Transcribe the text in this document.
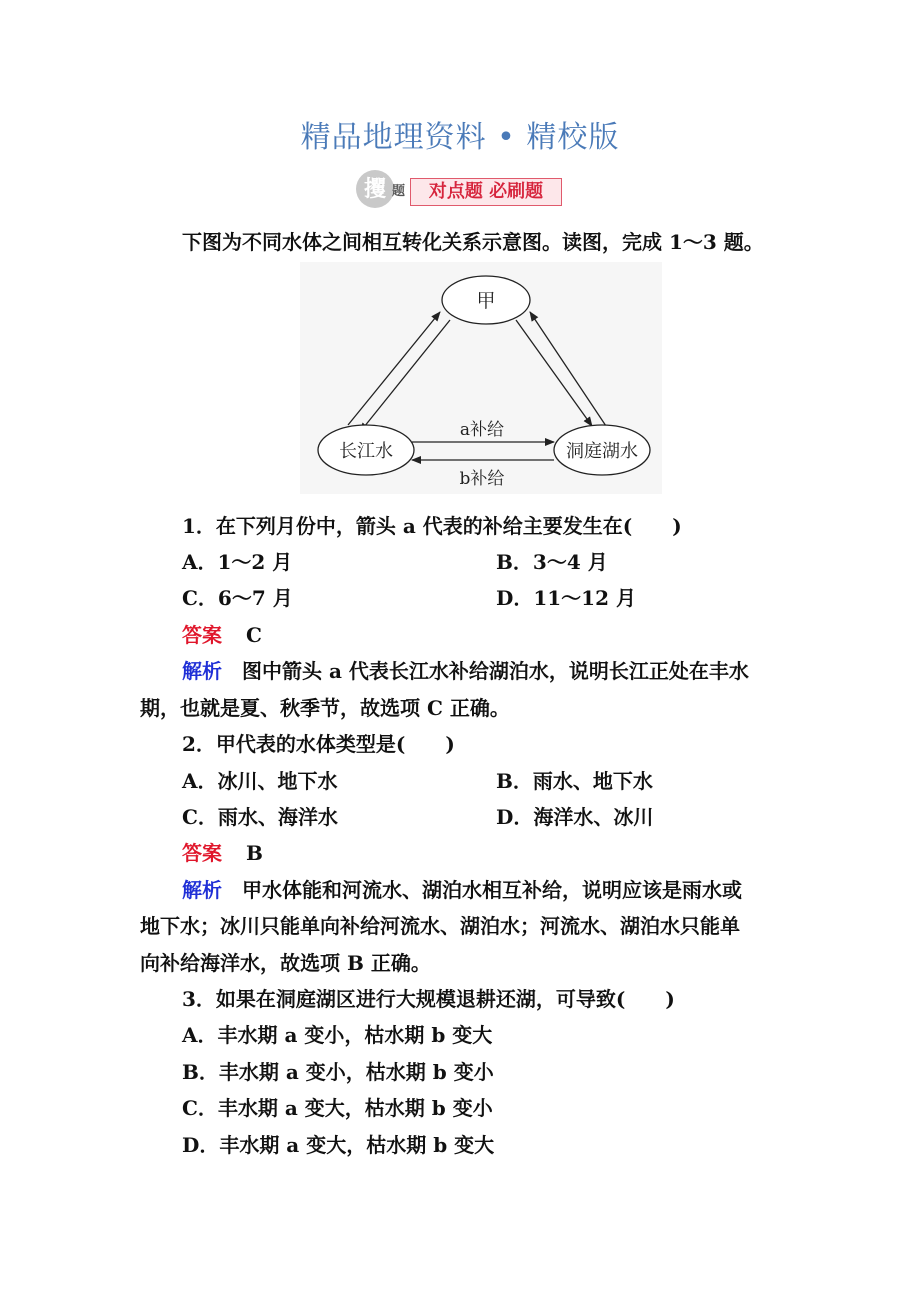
精品地理资料 • 精校版
攫 题	对点题 必刷题
下图为不同水体之间相互转化关系示意图。读图，完成 1～3 题。
甲
长江水	洞庭湖水
a补给
b补给
1．在下列月份中，箭头 a 代表的补给主要发生在(　　)
A．1～2 月	B．3～4 月
C．6～7 月	D．11～12 月
答案 C
解析 图中箭头 a 代表长江水补给湖泊水，说明长江正处在丰水
期，也就是夏、秋季节，故选项 C 正确。
2．甲代表的水体类型是(　　)
A．冰川、地下水	B．雨水、地下水
C．雨水、海洋水	D．海洋水、冰川
答案 B
解析 甲水体能和河流水、湖泊水相互补给，说明应该是雨水或
地下水；冰川只能单向补给河流水、湖泊水；河流水、湖泊水只能单
向补给海洋水，故选项 B 正确。
3．如果在洞庭湖区进行大规模退耕还湖，可导致(　　)
A．丰水期 a 变小，枯水期 b 变大
B．丰水期 a 变小，枯水期 b 变小
C．丰水期 a 变大，枯水期 b 变小
D．丰水期 a 变大，枯水期 b 变大
